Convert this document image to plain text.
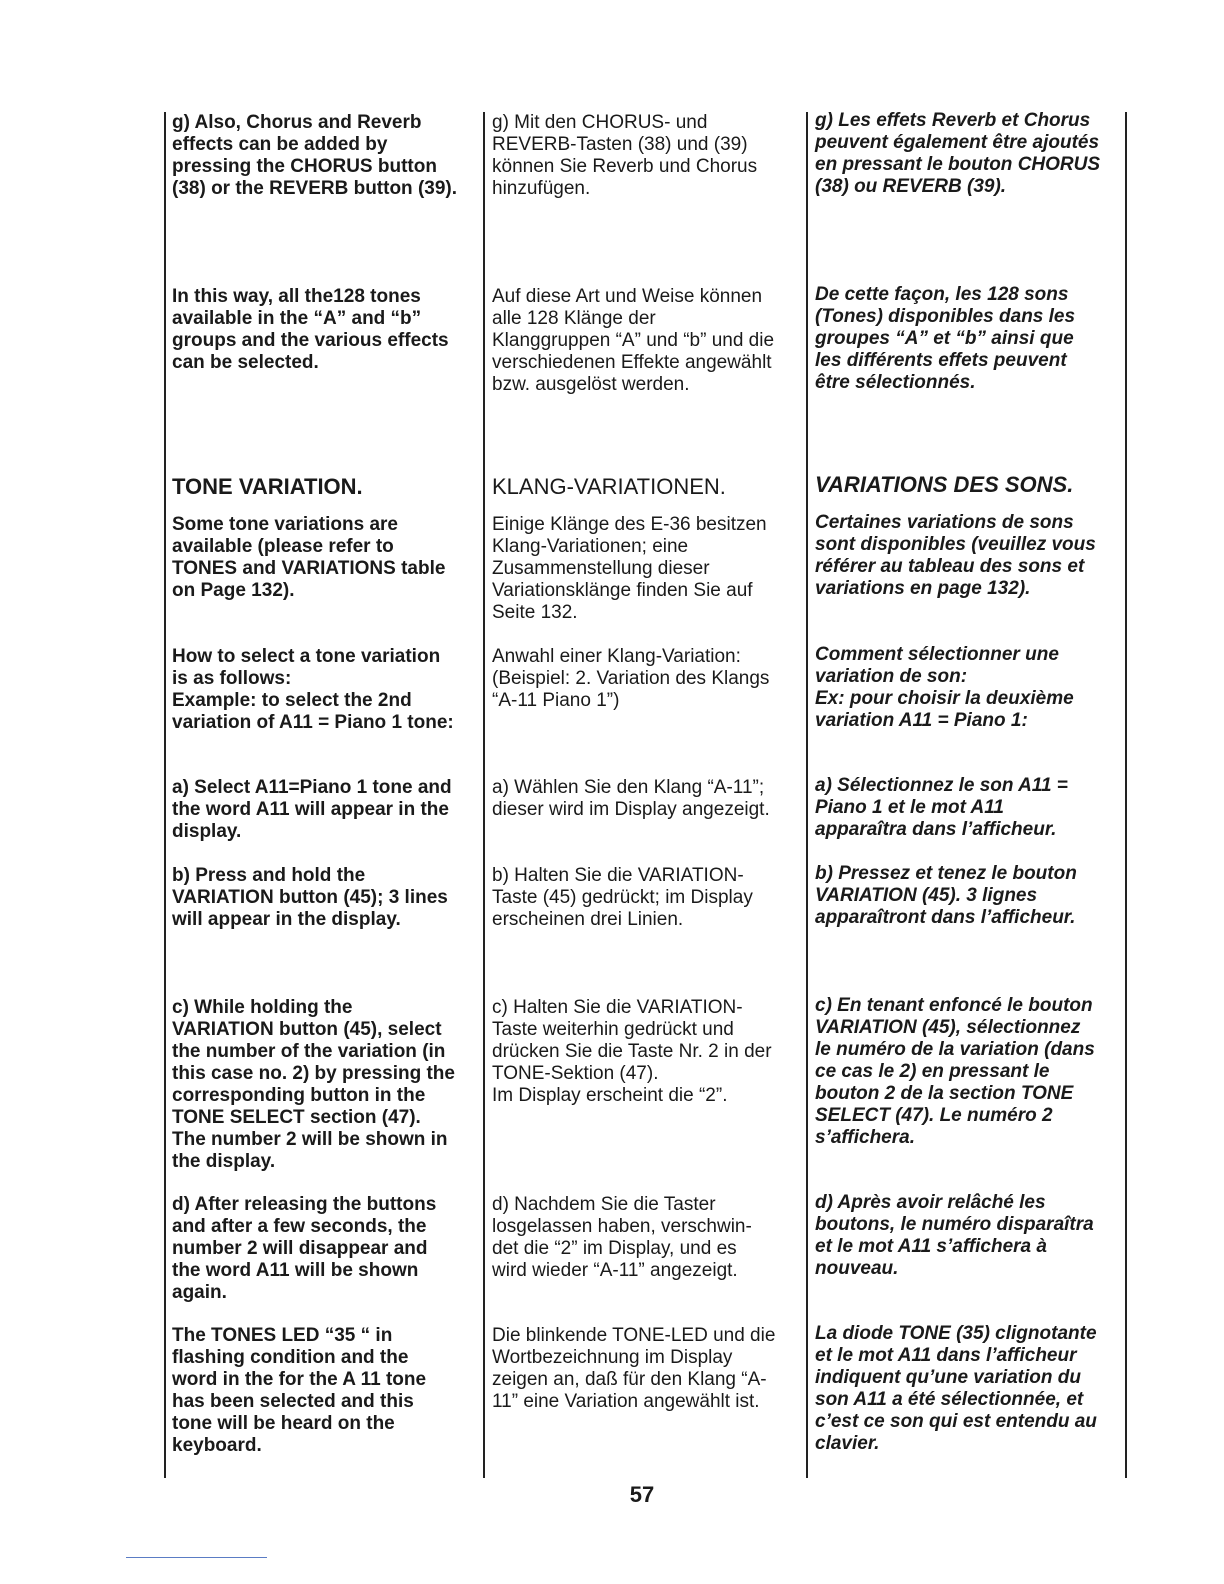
g) Also, Chorus and Reverb
effects can be added by
pressing the CHORUS button
(38) or the REVERB button (39).

In this way, all the128 tones
available in the “A” and “b”
groups and the various effects
can be selected.

TONE VARIATION.

Some tone variations are
available (please refer to
TONES and VARIATIONS table
on Page 132).

How to select a tone variation
is as follows:
Example: to select the 2nd
variation of A11 = Piano 1 tone:

a) Select A11=Piano 1 tone and
the word A11 will appear in the
display.

b) Press and hold the
VARIATION button (45); 3 lines
will appear in the display.

c) While holding the
VARIATION button (45), select
the number of the variation (in
this case no. 2) by pressing the
corresponding button in the
TONE SELECT section (47).
The number 2 will be shown in
the display.

d) After releasing the buttons
and after a few seconds, the
number 2 will disappear and
the word A11 will be shown
again.

The TONES LED “35 “ in
flashing condition and the
word in the for the A 11 tone
has been selected and this
tone will be heard on the
keyboard.

g) Mit den CHORUS- und
REVERB-Tasten (38) und (39)
können Sie Reverb und Chorus
hinzufügen.

Auf diese Art und Weise können
alle 128 Klänge der
Klanggruppen “A” und “b” und die
verschiedenen Effekte angewählt
bzw. ausgelöst werden.

KLANG-VARIATIONEN.

Einige Klänge des E-36 besitzen
Klang-Variationen; eine
Zusammenstellung dieser
Variationsklänge finden Sie auf
Seite 132.

Anwahl einer Klang-Variation:
(Beispiel: 2. Variation des Klangs
“A-11 Piano 1”)

a) Wählen Sie den Klang “A-11”;
dieser wird im Display angezeigt.

b) Halten Sie die VARIATION-
Taste (45) gedrückt; im Display
erscheinen drei Linien.

c) Halten Sie die VARIATION-
Taste weiterhin gedrückt und
drücken Sie die Taste Nr. 2 in der
TONE-Sektion (47).
Im Display erscheint die “2”.

d) Nachdem Sie die Taster
losgelassen haben, verschwin-
det die “2” im Display, und es
wird wieder “A-11” angezeigt.

Die blinkende TONE-LED und die
Wortbezeichnung im Display
zeigen an, daß für den Klang “A-
11” eine Variation angewählt ist.

g) Les effets Reverb et Chorus
peuvent également être ajoutés
en pressant le bouton CHORUS
(38) ou REVERB (39).

De cette façon, les 128 sons
(Tones) disponibles dans les
groupes “A” et “b” ainsi que
les différents effets peuvent
être sélectionnés.

VARIATIONS DES SONS.

Certaines variations de sons
sont disponibles (veuillez vous
référer au tableau des sons et
variations en page 132).

Comment sélectionner une
variation de son:
Ex: pour choisir la deuxième
variation A11 = Piano 1:

a) Sélectionnez le son A11 =
Piano 1 et le mot A11
apparaîtra dans l’afficheur.

b) Pressez et tenez le bouton
VARIATION (45). 3 lignes
apparaîtront dans l’afficheur.

c) En tenant enfoncé le bouton
VARIATION (45), sélectionnez
le numéro de la variation (dans
ce cas le 2) en pressant le
bouton 2 de la section TONE
SELECT (47). Le numéro 2
s’affichera.

d) Après avoir relâché les
boutons, le numéro disparaîtra
et le mot A11 s’affichera à
nouveau.

La diode TONE (35) clignotante
et le mot A11 dans l’afficheur
indiquent qu’une variation du
son A11 a été sélectionnée, et
c’est ce son qui est entendu au
clavier.

57
